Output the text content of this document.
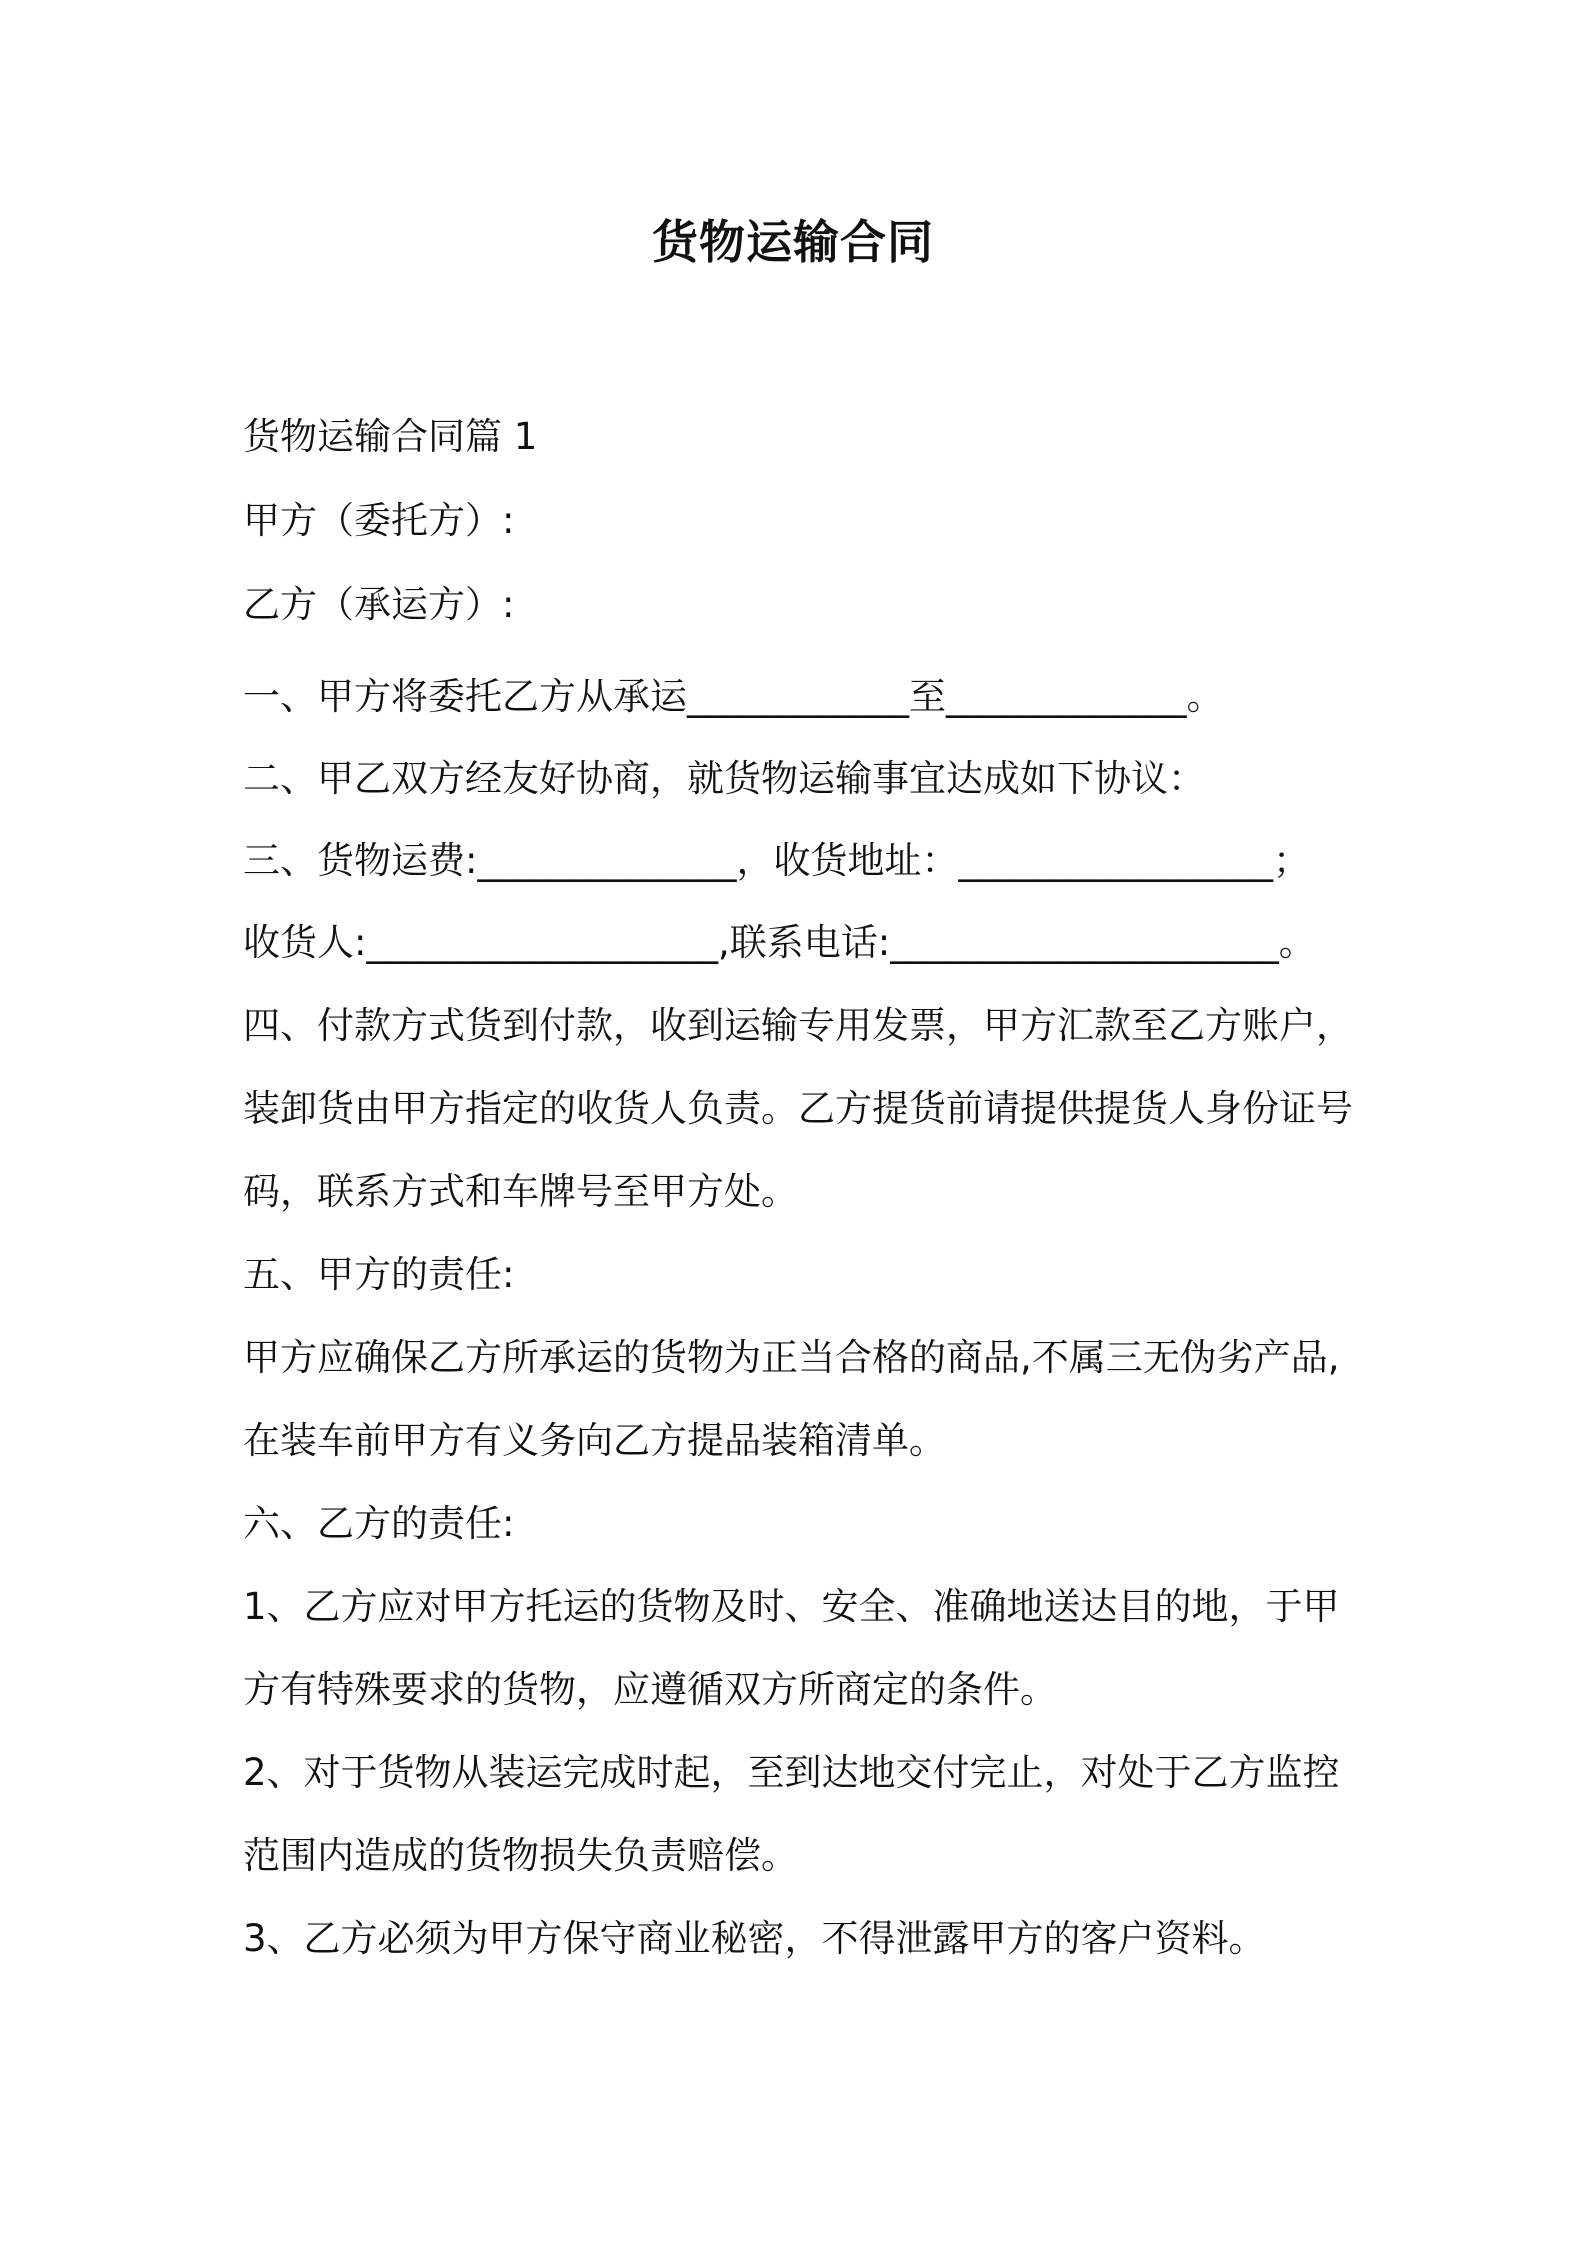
货物运输合同

货物运输合同篇 1

甲方（委托方）:

乙方（承运方）:

一、甲方将委托乙方从承运____________至_____________。

二、甲乙双方经友好协商，就货物运输事宜达成如下协议：

三、货物运费:______________，收货地址：_________________；

收货人:___________________,联系电话:_____________________。

四、付款方式货到付款，收到运输专用发票，甲方汇款至乙方账户，

装卸货由甲方指定的收货人负责。乙方提货前请提供提货人身份证号

码，联系方式和车牌号至甲方处。

五、甲方的责任:

甲方应确保乙方所承运的货物为正当合格的商品,不属三无伪劣产品,

在装车前甲方有义务向乙方提品装箱清单。

六、乙方的责任:

1、乙方应对甲方托运的货物及时、安全、准确地送达目的地，于甲

方有特殊要求的货物，应遵循双方所商定的条件。

2、对于货物从装运完成时起，至到达地交付完止，对处于乙方监控

范围内造成的货物损失负责赔偿。

3、乙方必须为甲方保守商业秘密，不得泄露甲方的客户资料。
